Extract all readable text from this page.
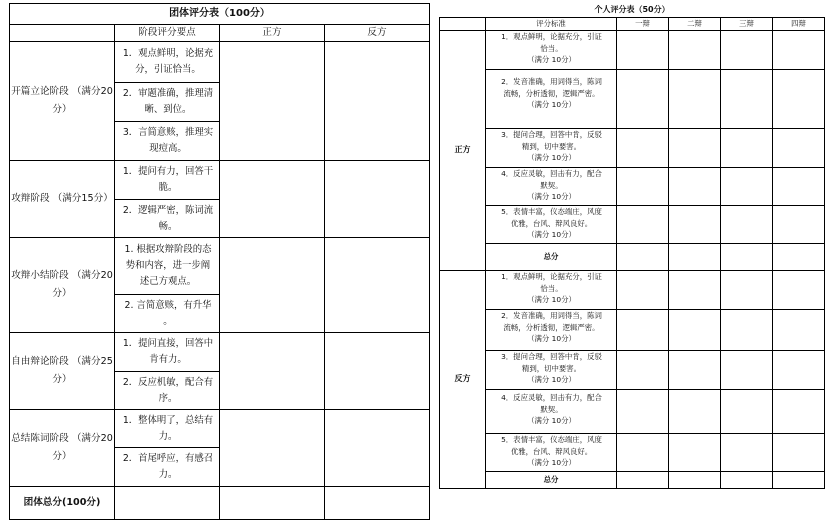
团体评分表（100分）			
	阶段评分要点	正方	反方
开篇立论阶段 （满分20分）	1．观点鲜明，论据充
分，引证恰当。		

	2．审题准确，推理清
晰、到位。		

	3．言简意赅，推理实
现痘高。		

攻辩阶段 （满分15分）	1．提问有力，回答干
脆。		

	2．逻辑严密，陈词流
畅。		

攻辩小结阶段 （满分20分）	1. 根据攻辩阶段的态
势和内容，进一步阐
述己方观点。		

	2. 言简意赅，有升华
。		

自由辩论阶段 （满分25分）	1．提问直接，回答中
肯有力。		

	2．反应机敏，配合有
序。		

总结陈词阶段 （满分20分）	1．整体明了，总结有
力。		

	2．首尾呼应，有感召
力。		

团体总分(100分)			
个人评分表（50分）					
	评分标准	一辩	二辩	三辩	四辩
正方	1．观点鲜明，论据充分，引证
恰当。
（满分 10分）				

	2．发音准确，用词得当，陈词
流畅，分析透彻，逻辑严密。
（满分 10分）				

	3．提问合理，回答中肯，反驳
精到，切中要害。
（满分 10分）				

	4．反应灵敏，回击有力，配合
默契。
（满分 10分）				

	5．表情丰富，仪态端庄，风度
优雅，台风、辩风良好。
（满分 10分）				

	总分				
反方	1．观点鲜明，论据充分，引证
恰当。
（满分 10分）				

	2．发音准确，用词得当，陈词
流畅，分析透彻，逻辑严密。
（满分 10分）				

	3．提问合理，回答中肯，反驳
精到，切中要害。
（满分 10分）				

	4．反应灵敏，回击有力，配合
默契。
（满分 10分）				

	5．表情丰富，仪态端庄，风度
优雅，台风、辩风良好。
（满分 10分）				

	总分				
